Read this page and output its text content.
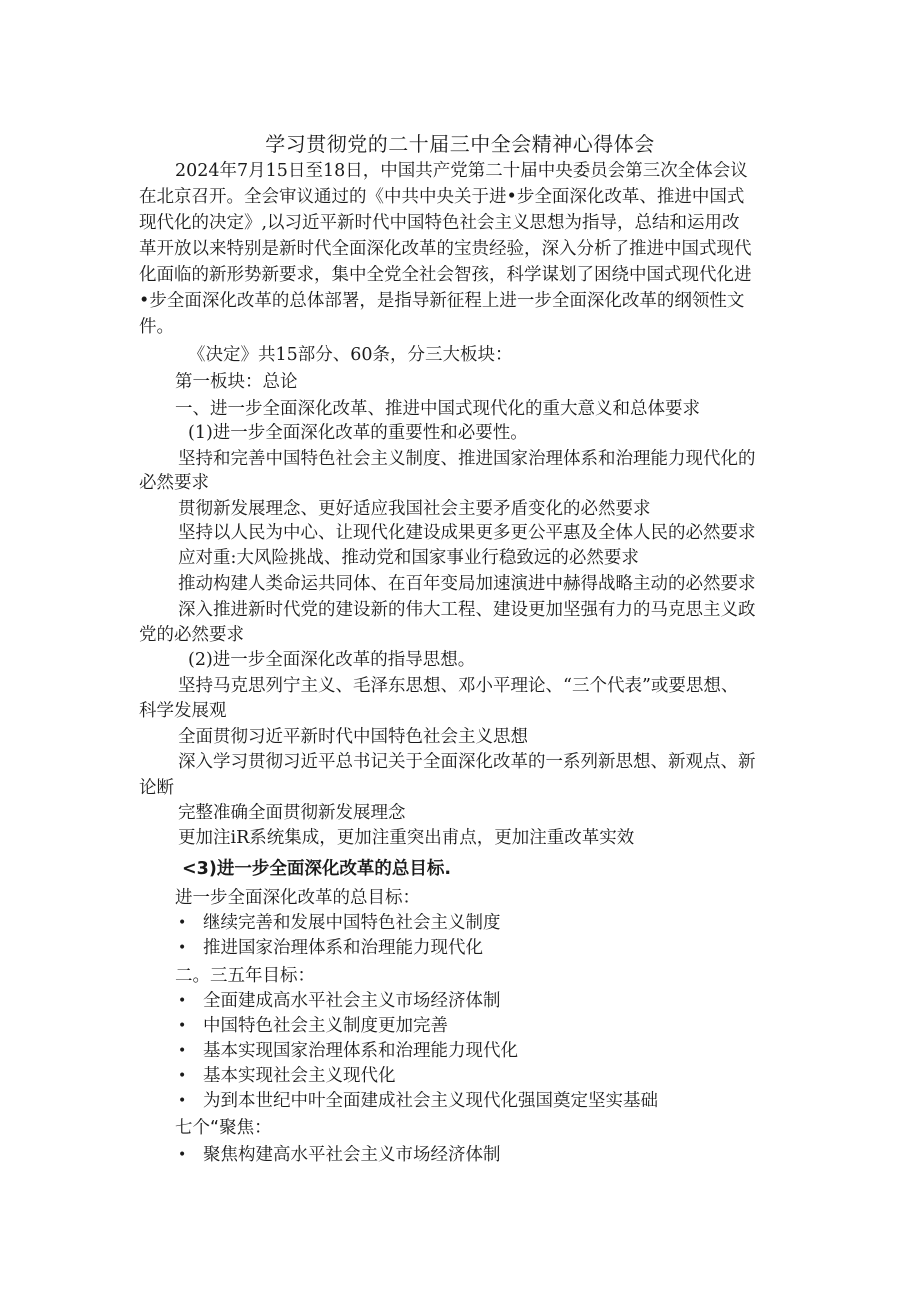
学习贯彻党的二十届三中全会精神心得体会
2024年7月15日至18日，中国共产党第二十届中央委员会第三次全体会议
在北京召开。全会审议通过的《中共中央关于进•步全面深化改革、推进中国式
现代化的决定》,以习近平新时代中国特色社会主义思想为指导，总结和运用改
革开放以来特别是新时代全面深化改革的宝贵经验，深入分析了推进中国式现代
化面临的新形势新要求，集中全党全社会智孩，科学谋划了困绕中国式现代化进
•步全面深化改革的总体部署，是指导新征程上进一步全面深化改革的纲领性文
件。
《决定》共15部分、60条，分三大板块：
第一板块：总论
一、进一步全面深化改革、推进中国式现代化的重大意义和总体要求
(1)进一步全面深化改革的重要性和必要性。
坚持和完善中国特色社会主义制度、推进国家治理体系和治理能力现代化的
必然要求
贯彻新发展理念、更好适应我国社会主要矛盾变化的必然要求
坚持以人民为中心、让现代化建设成果更多更公平惠及全体人民的必然要求
应对重:大风险挑战、推动党和国家事业行稳致远的必然要求
推动构建人类命运共同体、在百年变局加速演进中赫得战略主动的必然要求
深入推进新时代党的建设新的伟大工程、建设更加坚强有力的马克思主义政
党的必然要求
(2)进一步全面深化改革的指导思想。
坚持马克思列宁主义、毛泽东思想、邓小平理论、“三个代表”或要思想、
科学发展观
全面贯彻习近平新时代中国特色社会主义思想
深入学习贯彻习近平总书记关于全面深化改革的一系列新思想、新观点、新
论断
完整准确全面贯彻新发展理念
更加注iR系统集成，更加注重突出甫点，更加注重改革实效
<3)进一步全面深化改革的总目标.
进一步全面深化改革的总目标：
• 继续完善和发展中国特色社会主义制度
• 推进国家治理体系和治理能力现代化
二。三五年目标：
• 全面建成高水平社会主义市场经济体制
• 中国特色社会主义制度更加完善
• 基本实现国家治理体系和治理能力现代化
• 基本实现社会主义现代化
• 为到本世纪中叶全面建成社会主义现代化强国奠定坚实基础
七个“聚焦：
• 聚焦构建高水平社会主义市场经济体制
